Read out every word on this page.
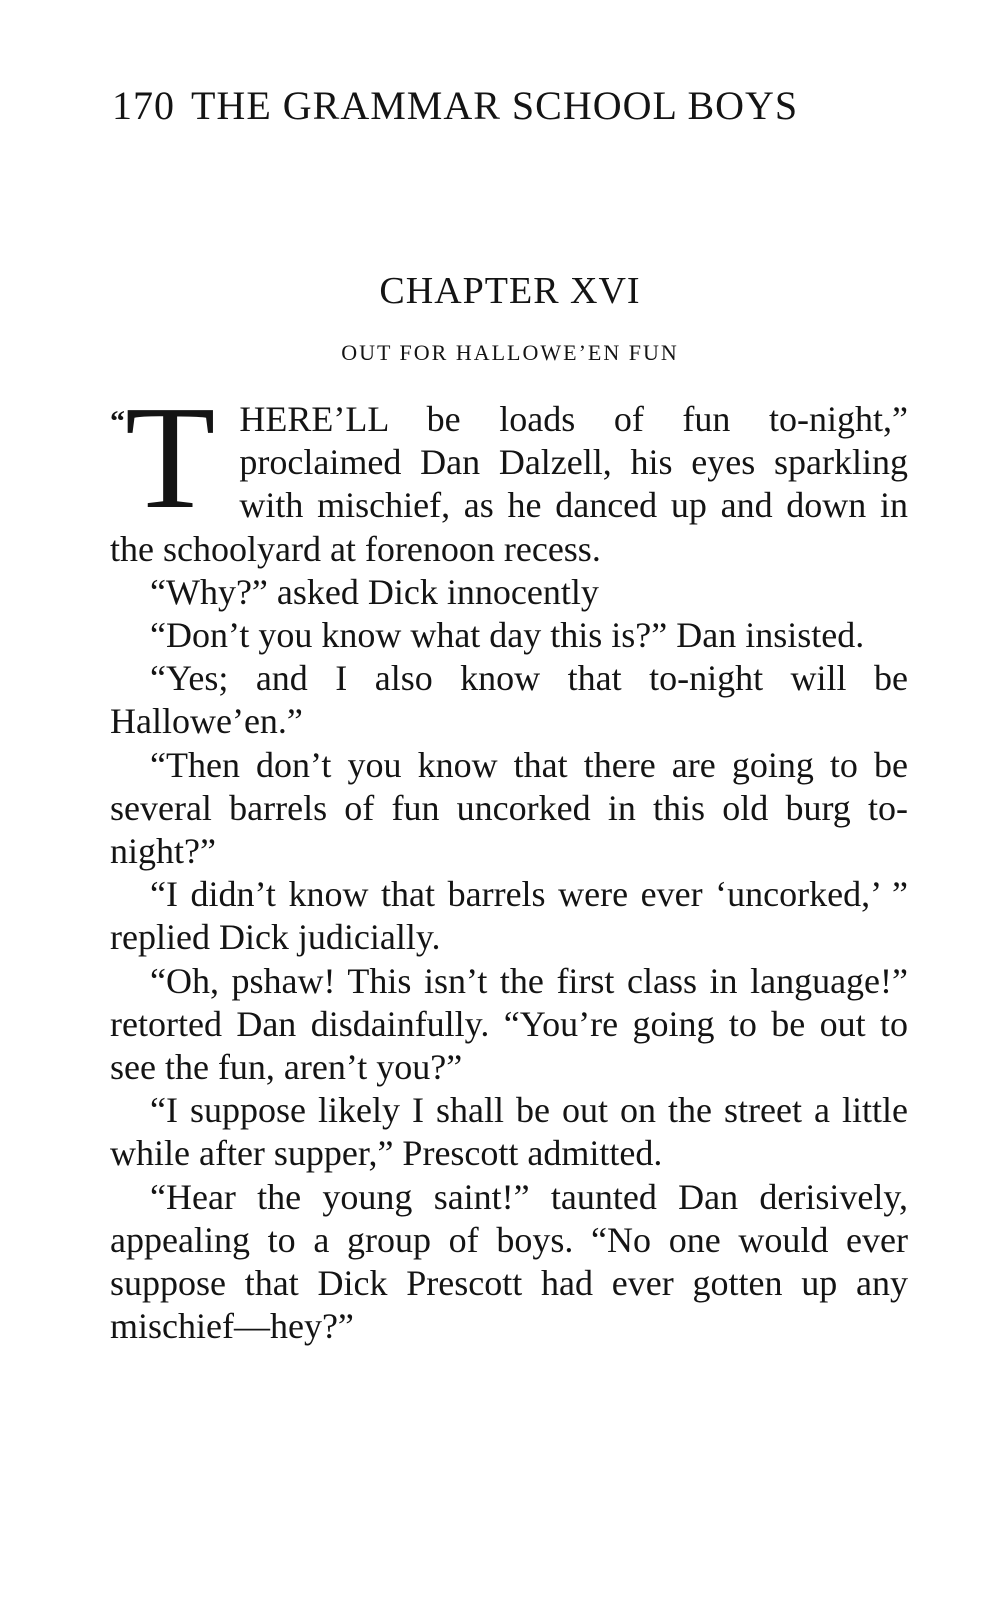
170 THE GRAMMAR SCHOOL BOYS
CHAPTER XVI
OUT FOR HALLOWE’EN FUN

“ T HERE’LL be loads of fun to-night,” proclaimed Dan Dalzell, his eyes sparkling with mischief, as he danced up and down in the schoolyard at forenoon recess.

“Why?” asked Dick innocently

“Don’t you know what day this is?” Dan insisted.

“Yes; and I also know that to-night will be Hallowe’en.”

“Then don’t you know that there are going to be several barrels of fun uncorked in this old burg to-night?”

“I didn’t know that barrels were ever ‘uncorked,’ ” replied Dick judicially.

“Oh, pshaw! This isn’t the first class in language!” retorted Dan disdainfully. “You’re going to be out to see the fun, aren’t you?”

“I suppose likely I shall be out on the street a little while after supper,” Prescott admitted.

“Hear the young saint!” taunted Dan derisively, appealing to a group of boys. “No one would ever suppose that Dick Prescott had ever gotten up any mischief—hey?”
